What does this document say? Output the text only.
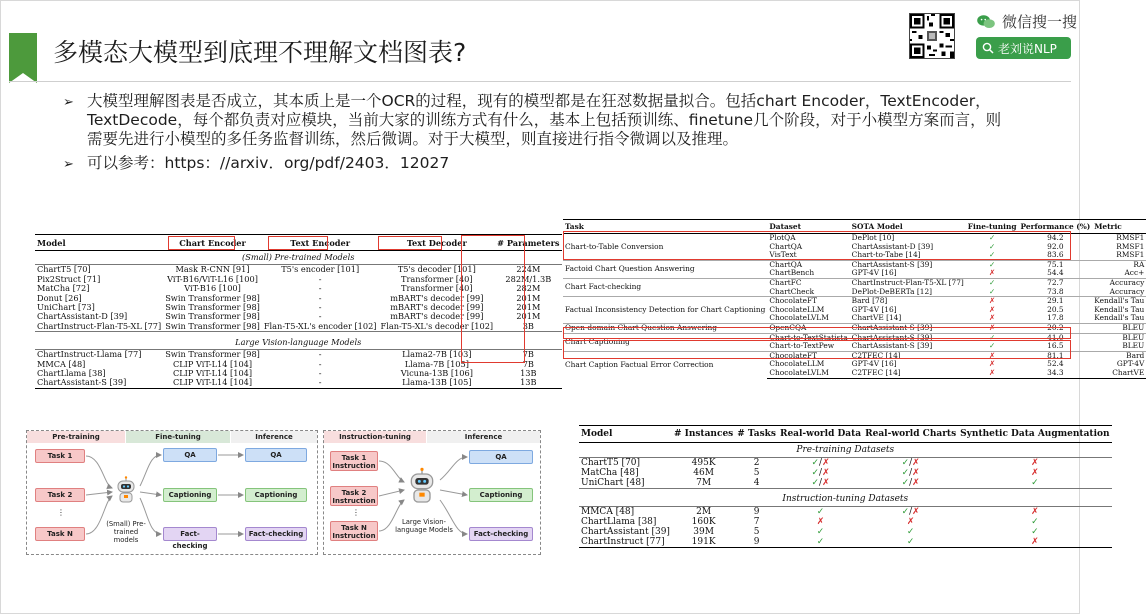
多模态大模型到底理不理解文档图表?
微信搜一搜
老刘说NLP
➢ 大模型理解图表是否成立，其本质上是一个OCR的过程，现有的模型都是在狂怼数据量拟合。包括chart Encoder，TextEncoder，TextDecode，每个都负责对应模块，当前大家的训练方式有什么，基本上包括预训练、finetune几个阶段，对于小模型方案而言，则需要先进行小模型的多任务监督训练，然后微调。对于大模型，则直接进行指令微调以及推理。
➢ 可以参考：https：//arxiv．org/pdf/2403．12027
Model	Chart Encoder	Text Encoder	Text Decoder	# Parameters
(Small) Pre-trained Models				
ChartT5 [70]	Mask R-CNN [91]	T5's encoder [101]	T5's decoder [101]	224M
Pix2Struct [71]	ViT-B16/ViT-L16 [100]	-	Transformer [40]	282M/1.3B
MatCha [72]	ViT-B16 [100]	-	Transformer [40]	282M
Donut [26]	Swin Transformer [98]	-	mBART's decoder [99]	201M
UniChart [73]	Swin Transformer [98]	-	mBART's decoder [99]	201M
ChartAssistant-D [39]	Swin Transformer [98]	-	mBART's decoder [99]	201M
ChartInstruct-Flan-T5-XL [77]	Swin Transformer [98]	Flan-T5-XL's encoder [102]	Flan-T5-XL's decoder [102]	3B

Large Vision-language Models				
ChartInstruct-Llama [77]	Swin Transformer [98]	-	Llama2-7B [103]	7B
MMCA [48]	CLIP ViT-L14 [104]	-	Llama-7B [105]	7B
ChartLlama [38]	CLIP ViT-L14 [104]	-	Vicuna-13B [106]	13B
ChartAssistant-S [39]	CLIP ViT-L14 [104]	-	Llama-13B [105]	13B
Task	Dataset	SOTA Model	Fine-tuning	Performance (%)	Metric
Chart-to-Table Conversion	PlotQA	DePlot [10]	✓	94.2	RMSF1
	ChartQA	ChartAssistant-D [39]	✓	92.0	RMSF1
	VisText	Chart-to-Tabe [14]	✓	83.6	RMSF1
Factoid Chart Question Answering	ChartQA	ChartAssistant-S [39]	✓	75.1	RA
	ChartBench	GPT-4V [16]	✗	54.4	Acc+
Chart Fact-checking	ChartFC	ChartInstruct-Flan-T5-XL [77]	✓	72.7	Accuracy
	ChartCheck	DePlot-DeBERTa [12]	✓	73.8	Accuracy
Factual Inconsistency Detection for Chart Captioning	ChocolateFT	Bard [78]	✗	29.1	Kendall's Tau
	ChocolateLLM	GPT-4V [16]	✗	20.5	Kendall's Tau
	ChocolateLVLM	ChartVE [14]	✗	17.8	Kendall's Tau
Open-domain Chart Question Answering	OpenCQA	ChartAssistant-S [39]	✗	20.2	BLEU
Chart Captioning	Chart-to-TextStatista	ChartAssistant-S [39]	✓	41.0	BLEU
	Chart-to-TextPew	ChartAssistant-S [39]	✓	16.5	BLEU
Chart Caption Factual Error Correction	ChocolateFT	C2TFEC [14]	✗	81.1	Bard
	ChocolateLLM	GPT-4V [16]	✗	52.4	GPT-4V
	ChocolateLVLM	C2TFEC [14]	✗	34.3	ChartVE
Model	# Instances	# Tasks	Real-world Data	Real-world Charts	Synthetic Data Augmentation
Pre-training Datasets					
ChartT5 [70]	495K	2	✓/✗	✓/✗	✗
MatCha [48]	46M	5	✓/✗	✓/✗	✗
UniChart [48]	7M	4	✓/✗	✓/✗	✓

Instruction-tuning Datasets					
MMCA [48]	2M	9	✓	✓/✗	✗
ChartLlama [38]	160K	7	✗	✗	✓
ChartAssistant [39]	39M	5	✓	✓	✓
ChartInstruct [77]	191K	9	✓	✓	✗
Pre-training	Fine-tuning	Inference
Task 1
Task 2
⋮
Task N
(Small) Pre-trained models
QA
Captioning
Fact-checking
QA
Captioning
Fact-checking
Instruction-tuning	Inference
Task 1 Instruction
Task 2 Instruction
⋮
Task N Instruction
Large Vision-language Models
QA
Captioning
Fact-checking
